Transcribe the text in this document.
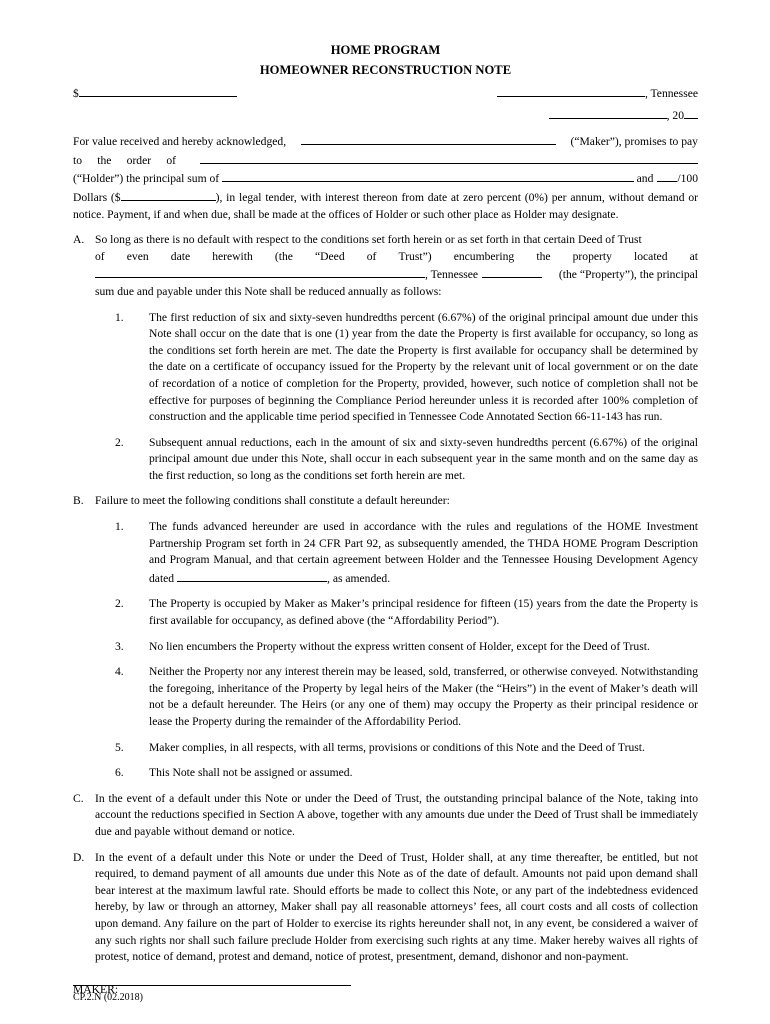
HOME PROGRAM
HOMEOWNER RECONSTRUCTION NOTE
$	, Tennessee
, 20
For value received and hereby acknowledged,	(“Maker”), promises to pay
to the order of
(“Holder”) the principal sum of	and /100
Dollars ($	), in legal tender, with interest thereon from date at zero percent (0%) per annum, without demand or notice. Payment, if and when due, shall be made at the offices of Holder or such other place as Holder may designate.
A. So long as there is no default with respect to the conditions set forth herein or as set forth in that certain Deed of Trust
of even date herewith (the “Deed of Trust”) encumbering the property located at
, Tennessee	(the “Property”), the principal
sum due and payable under this Note shall be reduced annually as follows:
1.	The first reduction of six and sixty-seven hundredths percent (6.67%) of the original principal amount due under this Note shall occur on the date that is one (1) year from the date the Property is first available for occupancy, so long as the conditions set forth herein are met. The date the Property is first available for occupancy shall be determined by the date on a certificate of occupancy issued for the Property by the relevant unit of local government or on the date of recordation of a notice of completion for the Property, provided, however, such notice of completion shall not be effective for purposes of beginning the Compliance Period hereunder unless it is recorded after 100% completion of construction and the applicable time period specified in Tennessee Code Annotated Section 66-11-143 has run.
2.	Subsequent annual reductions, each in the amount of six and sixty-seven hundredths percent (6.67%) of the original principal amount due under this Note, shall occur in each subsequent year in the same month and on the same day as the first reduction, so long as the conditions set forth herein are met.
B. Failure to meet the following conditions shall constitute a default hereunder:
1.	The funds advanced hereunder are used in accordance with the rules and regulations of the HOME Investment Partnership Program set forth in 24 CFR Part 92, as subsequently amended, the THDA HOME Program Description and Program Manual, and that certain agreement between Holder and the Tennessee Housing Development Agency dated	, as amended.
2.	The Property is occupied by Maker as Maker’s principal residence for fifteen (15) years from the date the Property is first available for occupancy, as defined above (the “Affordability Period”).
3.	No lien encumbers the Property without the express written consent of Holder, except for the Deed of Trust.
4.	Neither the Property nor any interest therein may be leased, sold, transferred, or otherwise conveyed. Notwithstanding the foregoing, inheritance of the Property by legal heirs of the Maker (the “Heirs”) in the event of Maker’s death will not be a default hereunder. The Heirs (or any one of them) may occupy the Property as their principal residence or lease the Property during the remainder of the Affordability Period.
5.	Maker complies, in all respects, with all terms, provisions or conditions of this Note and the Deed of Trust.
6.	This Note shall not be assigned or assumed.
C. In the event of a default under this Note or under the Deed of Trust, the outstanding principal balance of the Note, taking into account the reductions specified in Section A above, together with any amounts due under the Deed of Trust shall be immediately due and payable without demand or notice.
D. In the event of a default under this Note or under the Deed of Trust, Holder shall, at any time thereafter, be entitled, but not required, to demand payment of all amounts due under this Note as of the date of default. Amounts not paid upon demand shall bear interest at the maximum lawful rate. Should efforts be made to collect this Note, or any part of the indebtedness evidenced hereby, by law or through an attorney, Maker shall pay all reasonable attorneys’ fees, all court costs and all costs of collection upon demand. Any failure on the part of Holder to exercise its rights hereunder shall not, in any event, be considered a waiver of any such rights nor shall such failure preclude Holder from exercising such rights at any time. Maker hereby waives all rights of protest, notice of demand, protest and demand, notice of protest, presentment, demand, dishonor and non-payment.
MAKER:
CP.2.N (02.2018)
